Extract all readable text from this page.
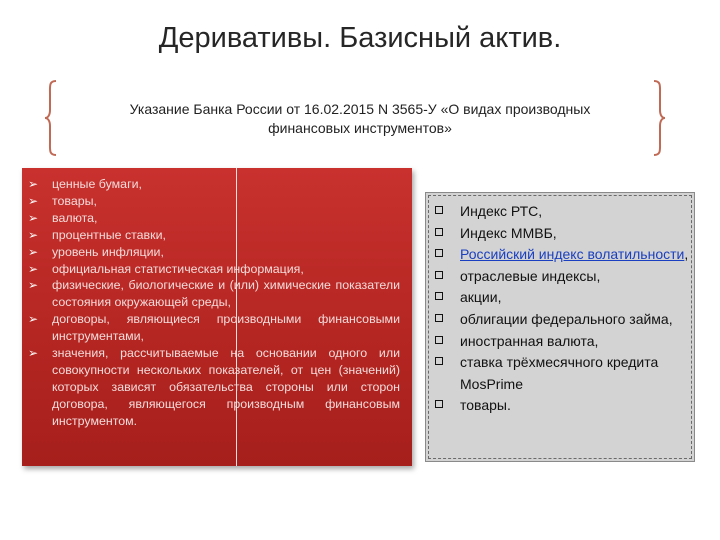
Деривативы. Базисный актив.
Указание Банка России от 16.02.2015 N 3565-У «О видах производных
финансовых инструментов»
➢	ценные бумаги,
➢	товары,
➢	валюта,
➢	процентные ставки,
➢	уровень инфляции,
➢	официальная статистическая информация,
➢	физические, биологические и (или) химические показатели состояния окружающей среды,
➢	договоры, являющиеся производными финансовыми инструментами,
➢	значения, рассчитываемые на основании одного или совокупности нескольких показателей, от цен (значений) которых зависят обязательства стороны или сторон договора, являющегося производным финансовым инструментом.
Индекс РТС,
Индекс ММВБ,
Российский индекс волатильности,
отраслевые индексы,
акции,
облигации федерального займа,
иностранная валюта,
ставка трёхмесячного кредита MosPrime
товары.
